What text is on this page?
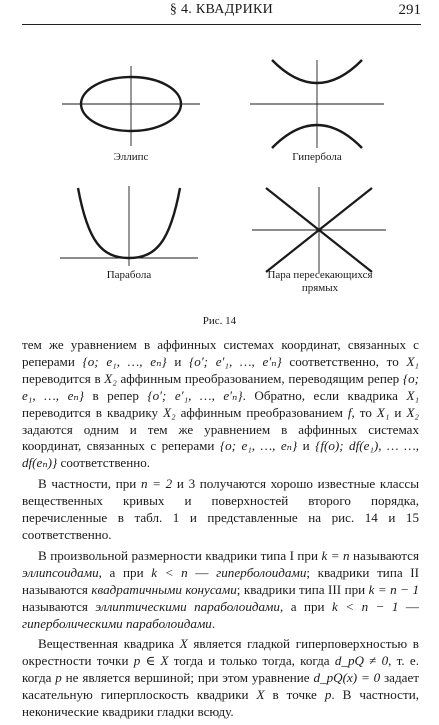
§ 4. КВАДРИКИ	291
Эллипс	Гипербола
Парабола	Пара пересекающихся
прямых
Рис. 14

тем же уравнением в аффинных системах координат, связанных с реперами {o; e₁, …, eₙ} и {o′; e′₁, …, e′ₙ} соответственно, то X₁ переводится в X₂ аффинным преобразованием, переводящим репер {o; e₁, …, eₙ} в репер {o′; e′₁, …, e′ₙ}. Обратно, если квадрика X₁ переводится в квадрику X₂ аффинным преобразованием f, то X₁ и X₂ задаются одним и тем же уравнением в аффинных системах координат, связанных с реперами {o; e₁, …, eₙ} и {f(o); df(e₁), … …, df(eₙ)} соответственно.

В частности, при n = 2 и 3 получаются хорошо известные классы вещественных кривых и поверхностей второго порядка, перечисленные в табл. 1 и представленные на рис. 14 и 15 соответственно.

В произвольной размерности квадрики типа I при k = n называются эллипсоидами, а при k < n — гиперболоидами; квадрики типа II называются квадратичными конусами; квадрики типа III при k = n − 1 называются эллиптическими параболоидами, а при k < n − 1 — гиперболическими параболоидами.

Вещественная квадрика X является гладкой гиперповерхностью в окрестности точки p ∈ X тогда и только тогда, когда d_pQ ≠ 0, т. е. когда p не является вершиной; при этом уравнение d_pQ(x) = 0 задает касательную гиперплоскость квадрики X в точке p. В частности, неконические квадрики гладки всюду.
